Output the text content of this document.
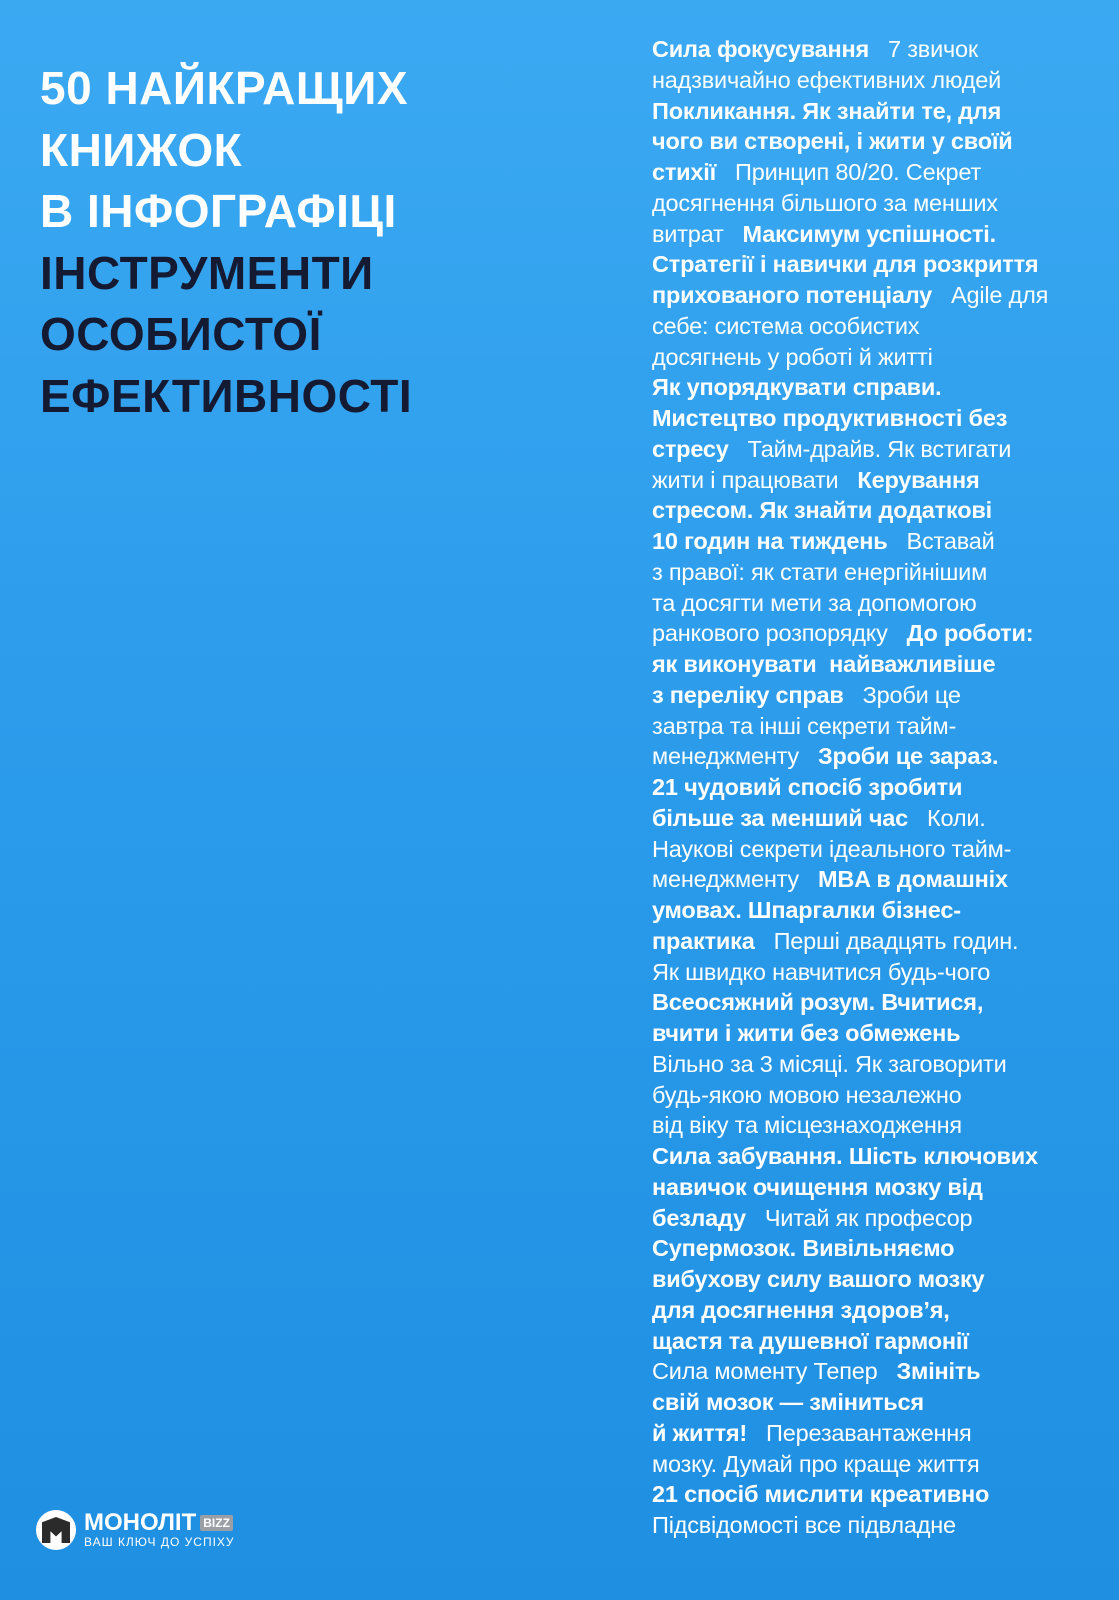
50 НАЙКРАЩИХ
КНИЖОК
В ІНФОГРАФІЦІ
ІНСТРУМЕНТИ
ОСОБИСТОЇ
ЕФЕКТИВНОСТІ
Сила фокусування   7 звичок
надзвичайно ефективних людей
Покликання. Як знайти те, для
чого ви створені, і жити у своїй
стихії   Принцип 80/20. Секрет
досягнення більшого за менших
витрат   Максимум успішності.
Стратегії і навички для розкриття
прихованого потенціалу   Agile для
себе: система особистих
досягнень у роботі й житті
Як упорядкувати справи.
Мистецтво продуктивності без
стресу   Тайм-драйв. Як встигати
жити і працювати   Керування
стресом. Як знайти додаткові
10 годин на тиждень   Вставай
з правої: як стати енергійнішим
та досягти мети за допомогою
ранкового розпорядку   До роботи:
як виконувати  найважливіше
з переліку справ   Зроби це
завтра та інші секрети тайм-
менеджменту   Зроби це зараз.
21 чудовий спосіб зробити
більше за менший час   Коли.
Наукові секрети ідеального тайм-
менеджменту   MBA в домашніх
умовах. Шпаргалки бізнес-
практика   Перші двадцять годин.
Як швидко навчитися будь-чого
Всеосяжний розум. Вчитися,
вчити і жити без обмежень
Вільно за 3 місяці. Як заговорити
будь-якою мовою незалежно
від віку та місцезнаходження
Сила забування. Шість ключових
навичок очищення мозку від
безладу   Читай як професор
Супермозок. Вивільняємо
вибухову силу вашого мозку
для досягнення здоров’я,
щастя та душевної гармонії
Сила моменту Тепер   Змініть
свій мозок — зміниться
й життя!   Перезавантаження
мозку. Думай про краще життя
21 спосіб мислити креативно
Підсвідомості все підвладне
МОНОЛІТ BIZZ
ВАШ КЛЮЧ ДО УСПІХУ
